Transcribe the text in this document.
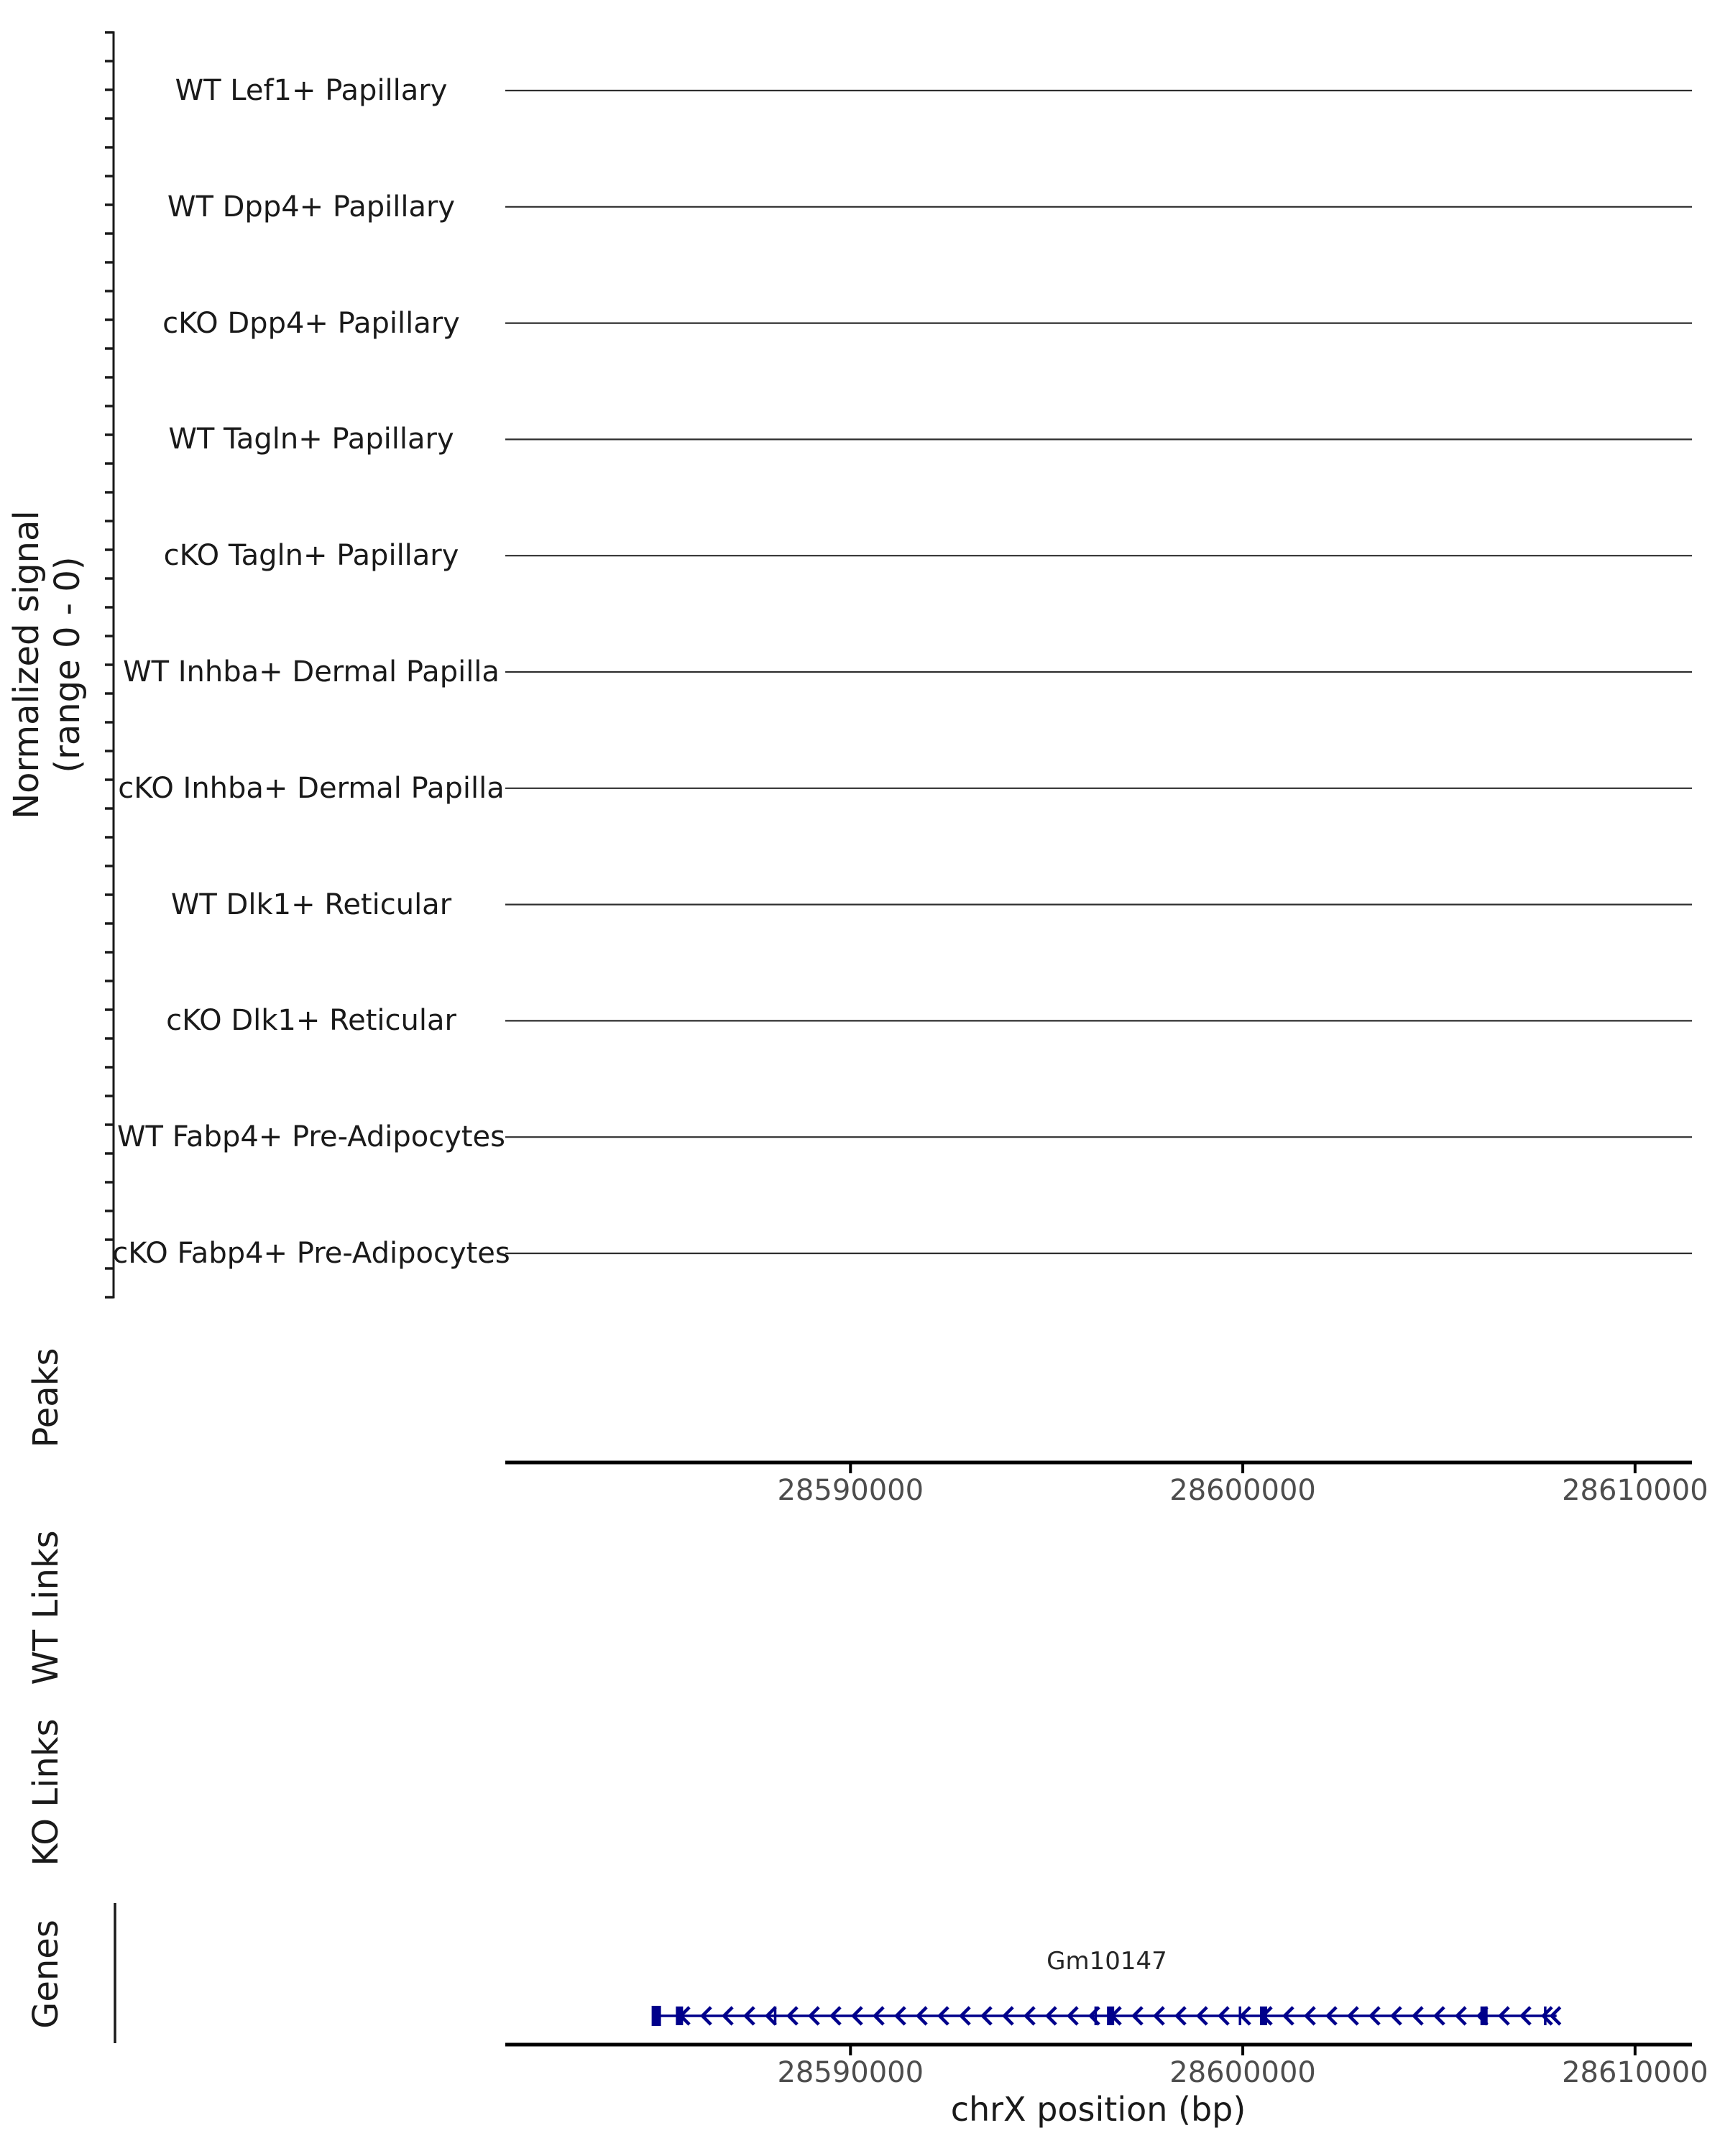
Normalized signal (range 0 - 0)
Peaks
WT Links
KO Links
Genes
WT Lef1+ Papillary
WT Dpp4+ Papillary
cKO Dpp4+ Papillary
WT Tagln+ Papillary
cKO Tagln+ Papillary
WT Inhba+ Dermal Papilla
cKO Inhba+ Dermal Papilla
WT Dlk1+ Reticular
cKO Dlk1+ Reticular
WT Fabp4+ Pre-Adipocytes
cKO Fabp4+ Pre-Adipocytes
28590000	28600000	28610000
28590000	28600000	28610000
Gm10147
chrX position (bp)
